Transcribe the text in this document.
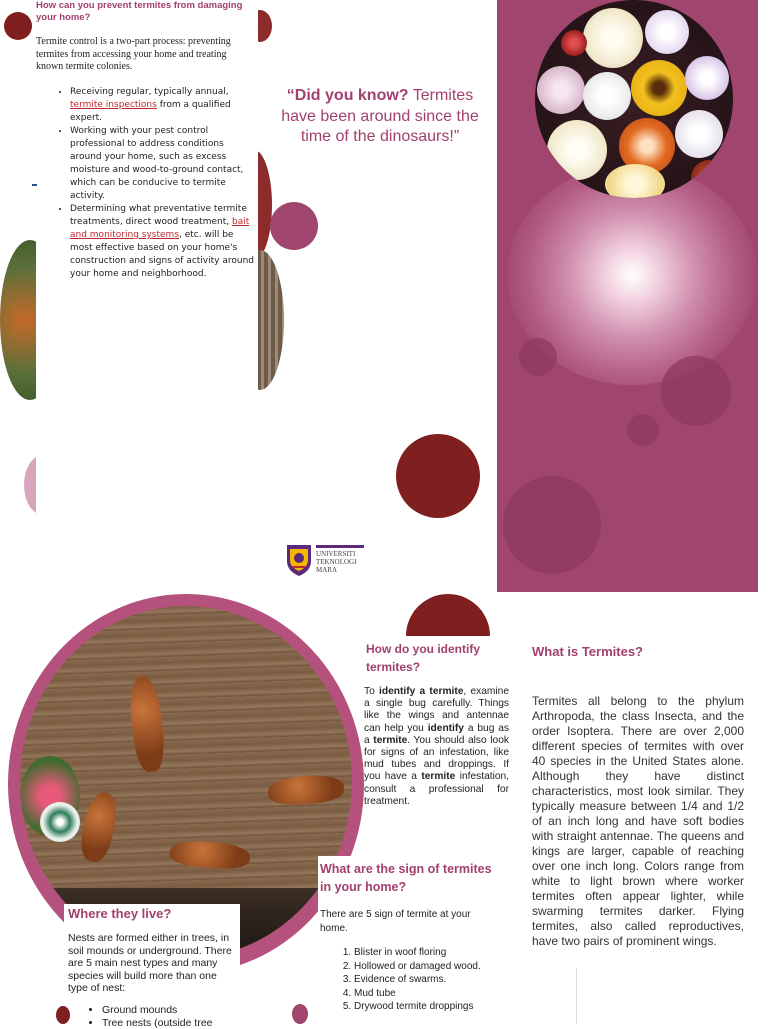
How can you prevent termites from damaging your home?
Termite control is a two-part process: preventing termites from accessing your home and treating known termite colonies.
• Receiving regular, typically annual, termite inspections from a qualified expert.
• Working with your pest control professional to address conditions around your home, such as excess moisture and wood-to-ground contact, which can be conducive to termite activity.
• Determining what preventative termite treatments, direct wood treatment, bait and monitoring systems, etc. will be most effective based on your home's construction and signs of activity around your home and neighborhood.
“Did you know? Termites have been around since the time of the dinosaurs!”
UNIVERSITI
TEKNOLOGI
MARA
Where they live?
Nests are formed either in trees, in soil mounds or underground. There are 5 main nest types and many species will build more than one type of nest:
• Ground mounds
• Tree nests (outside tree
How do you identify termites?
To identify a termite, examine a single bug carefully. Things like the wings and antennae can help you identify a bug as a termite. You should also look for signs of an infestation, like mud tubes and droppings. If you have a termite infestation, consult a professional for treatment.
What are the sign of termites in your home?
There are 5 sign of termite at your home.
1. Blister in woof floring
2. Hollowed or damaged wood.
3. Evidence of swarms.
4. Mud tube
5. Drywood termite droppings
What is Termites?
Termites all belong to the phylum Arthropoda, the class Insecta, and the order Isoptera. There are over 2,000 different species of termites with over 40 species in the United States alone. Although they have distinct characteristics, most look similar. They typically measure between 1/4 and 1/2 of an inch long and have soft bodies with straight antennae. The queens and kings are larger, capable of reaching over one inch long. Colors range from white to light brown where worker termites often appear lighter, while swarming termites darker. Flying termites, also called reproductives, have two pairs of prominent wings.
